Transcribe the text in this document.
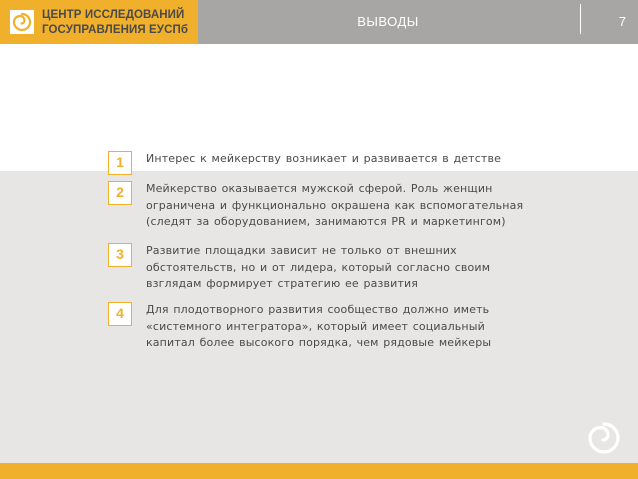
ЦЕНТР ИССЛЕДОВАНИЙ
ГОСУПРАВЛЕНИЯ ЕУСПб
ВЫВОДЫ	7
1	Интерес к мейкерству возникает и развивается в детстве
2	Мейкерство оказывается мужской сферой. Роль женщин
ограничена и функционально окрашена как вспомогательная
(следят за оборудованием, занимаются PR и маркетингом)
3	Развитие площадки зависит не только от внешних
обстоятельств, но и от лидера, который согласно своим
взглядам формирует стратегию ее развития
4	Для плодотворного развития сообщество должно иметь
«системного интегратора», который имеет социальный
капитал более высокого порядка, чем рядовые мейкеры
